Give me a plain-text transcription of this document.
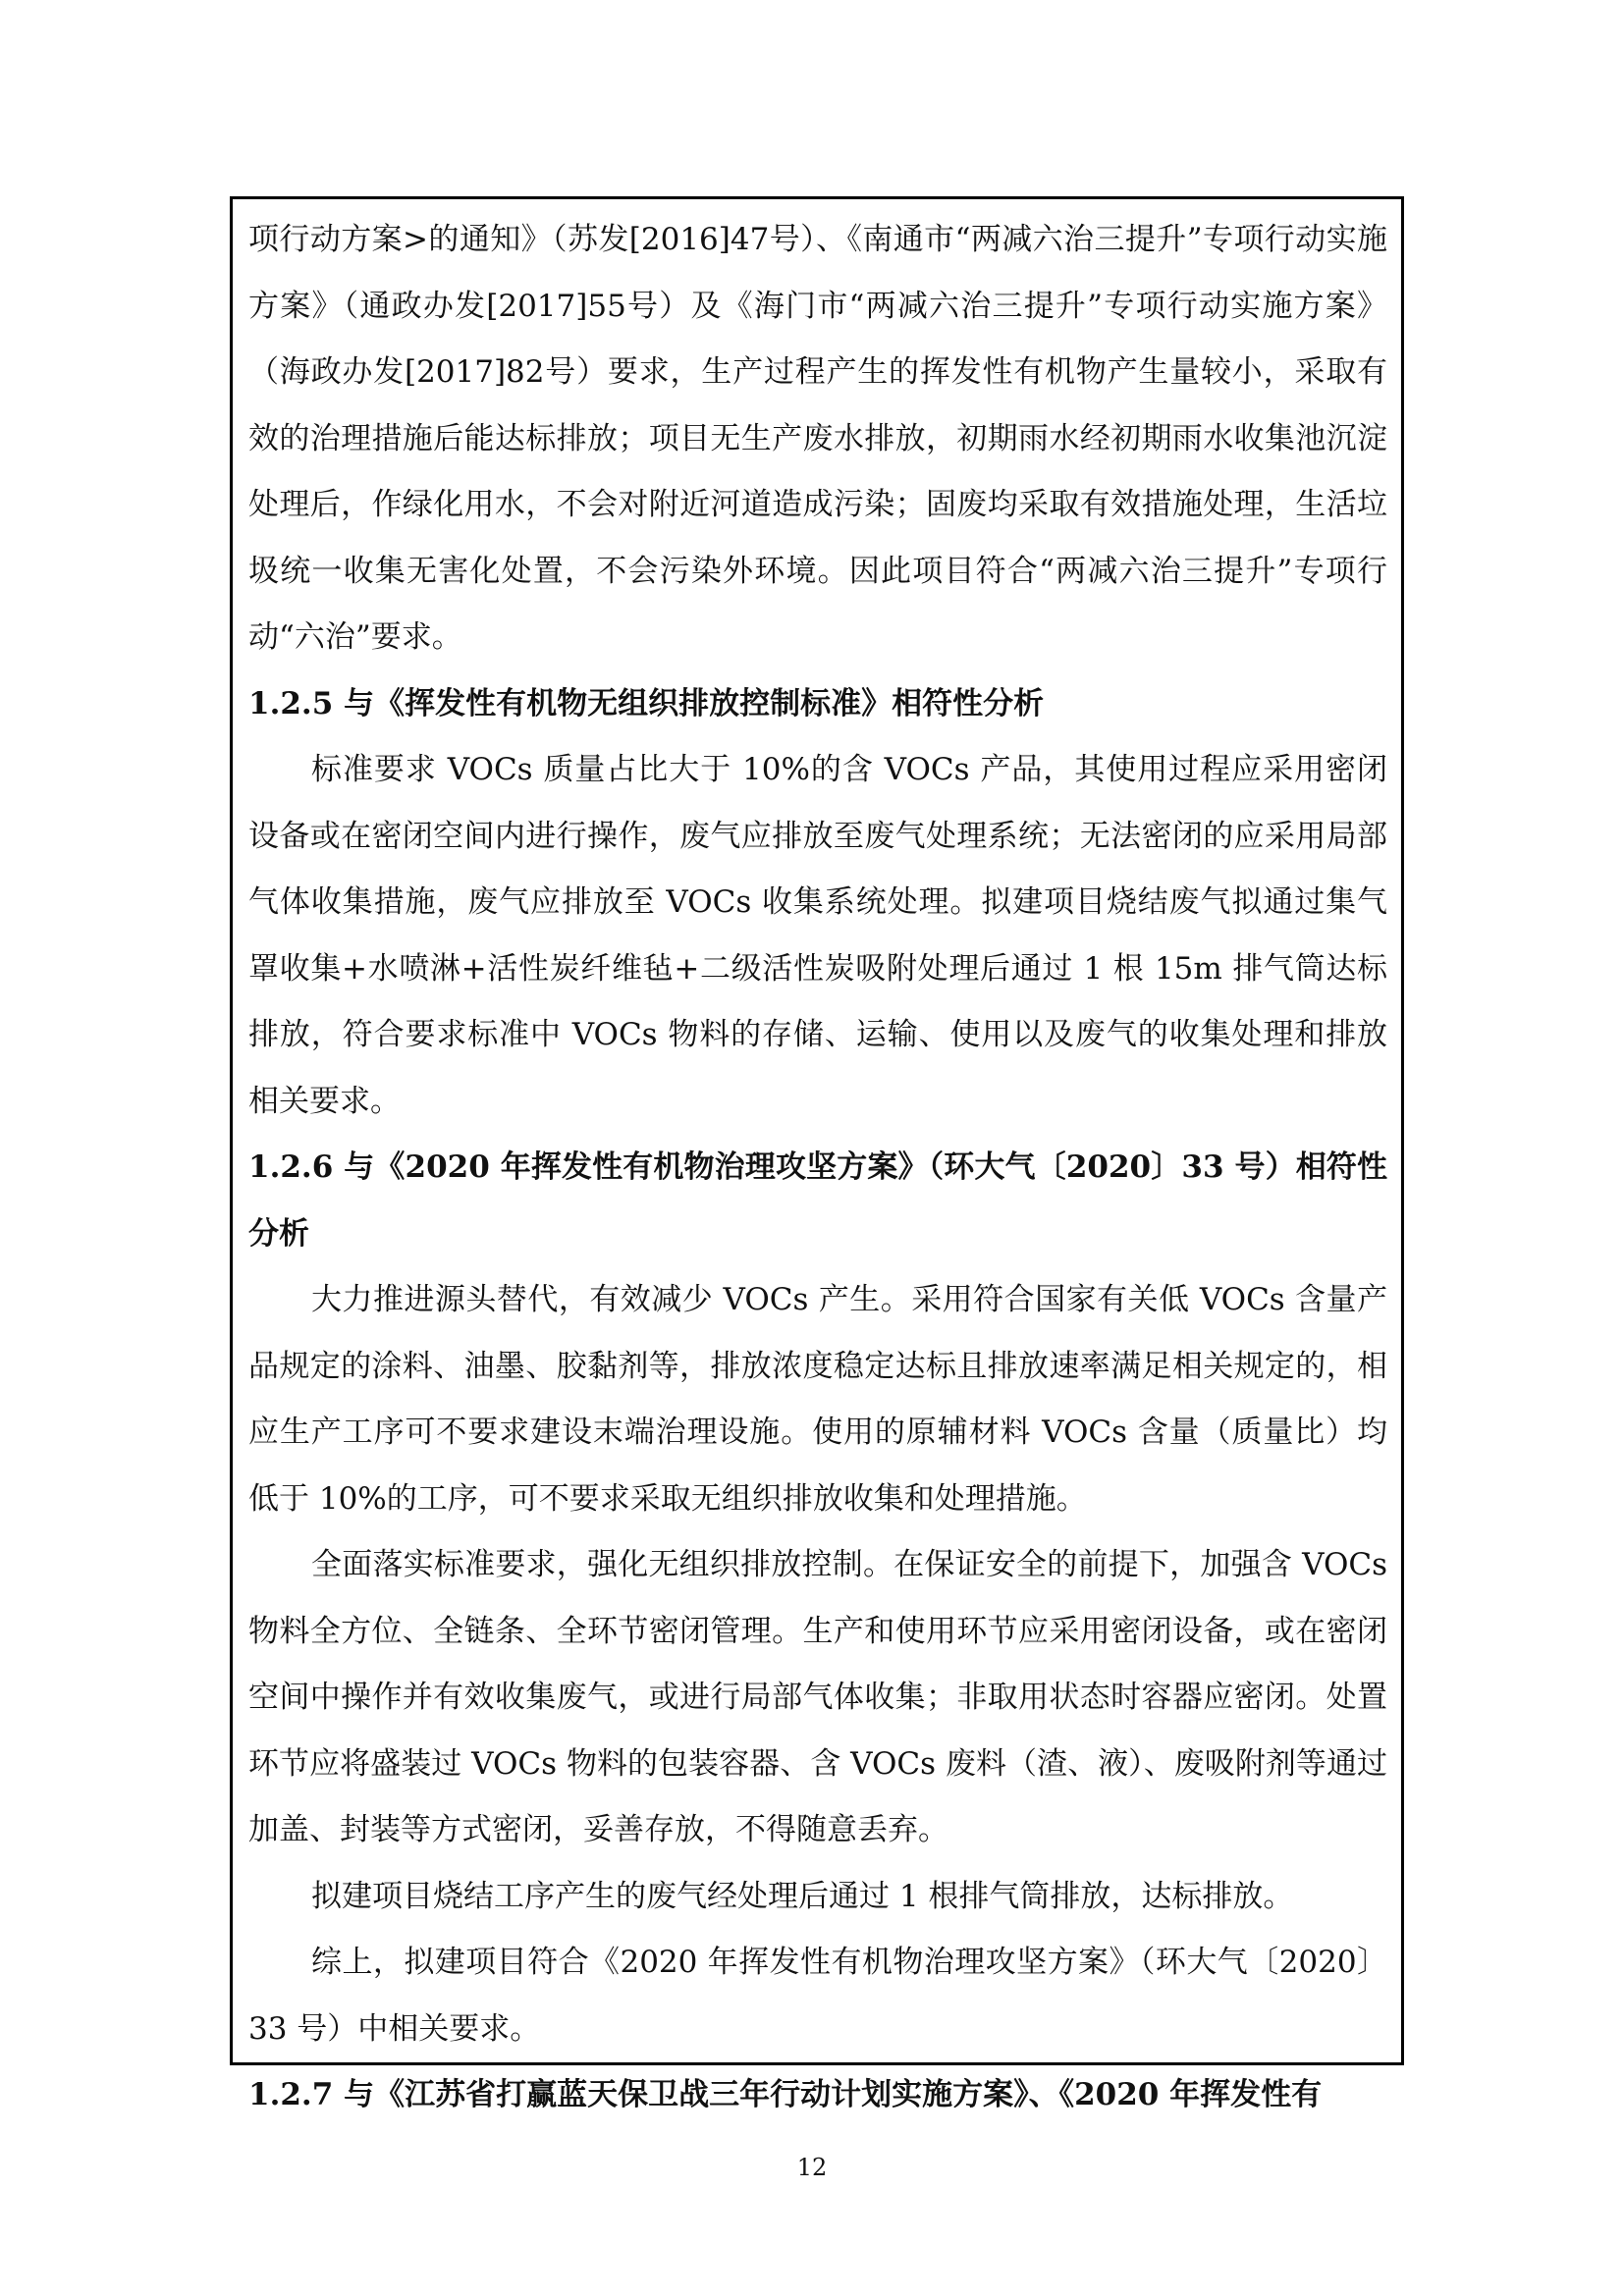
项行动方案>的通知》（苏发[2016]47号）、《南通市“两减六治三提升”专项行动实施方案》（通政办发[2017]55号）及《海门市“两减六治三提升”专项行动实施方案》（海政办发[2017]82号）要求，生产过程产生的挥发性有机物产生量较小，采取有效的治理措施后能达标排放；项目无生产废水排放，初期雨水经初期雨水收集池沉淀处理后，作绿化用水，不会对附近河道造成污染；固废均采取有效措施处理，生活垃圾统一收集无害化处置，不会污染外环境。因此项目符合“两减六治三提升”专项行动“六治”要求。

1.2.5 与《挥发性有机物无组织排放控制标准》相符性分析

标准要求 VOCs 质量占比大于 10%的含 VOCs 产品，其使用过程应采用密闭设备或在密闭空间内进行操作，废气应排放至废气处理系统；无法密闭的应采用局部气体收集措施，废气应排放至 VOCs 收集系统处理。拟建项目烧结废气拟通过集气罩收集+水喷淋+活性炭纤维毡+二级活性炭吸附处理后通过 1 根 15m 排气筒达标排放，符合要求标准中 VOCs 物料的存储、运输、使用以及废气的收集处理和排放相关要求。

1.2.6 与《2020 年挥发性有机物治理攻坚方案》（环大气〔2020〕33 号）相符性分析

大力推进源头替代，有效减少 VOCs 产生。采用符合国家有关低 VOCs 含量产品规定的涂料、油墨、胶黏剂等，排放浓度稳定达标且排放速率满足相关规定的，相应生产工序可不要求建设末端治理设施。使用的原辅材料 VOCs 含量（质量比）均低于 10%的工序，可不要求采取无组织排放收集和处理措施。

全面落实标准要求，强化无组织排放控制。在保证安全的前提下，加强含 VOCs 物料全方位、全链条、全环节密闭管理。生产和使用环节应采用密闭设备，或在密闭空间中操作并有效收集废气，或进行局部气体收集；非取用状态时容器应密闭。处置环节应将盛装过 VOCs 物料的包装容器、含 VOCs 废料（渣、液）、废吸附剂等通过加盖、封装等方式密闭，妥善存放，不得随意丢弃。

拟建项目烧结工序产生的废气经处理后通过 1 根排气筒排放，达标排放。

综上，拟建项目符合《2020 年挥发性有机物治理攻坚方案》（环大气〔2020〕33 号）中相关要求。

1.2.7 与《江苏省打赢蓝天保卫战三年行动计划实施方案》、《2020 年挥发性有

12
